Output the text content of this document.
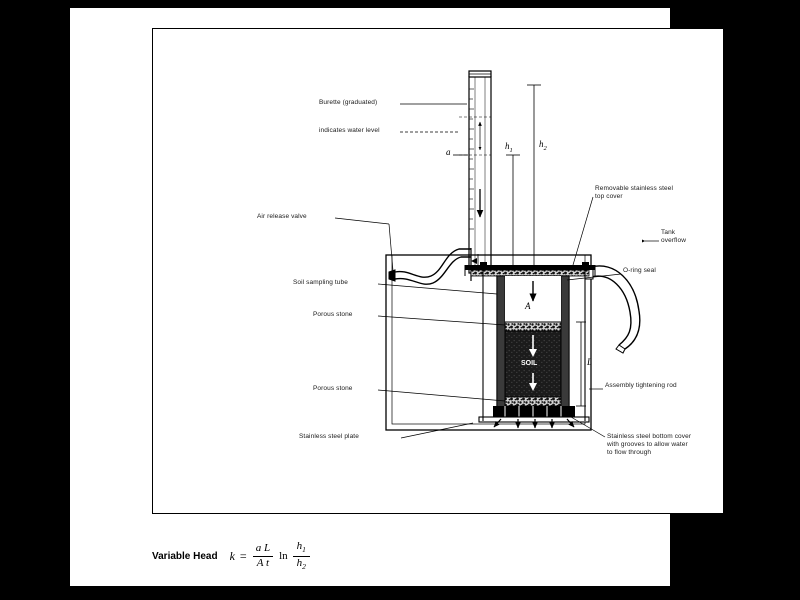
Burette (graduated)
indicates water level
Air release valve
Soil sampling tube
Porous stone
Porous stone
Stainless steel plate
Removable stainless steel top cover
O-ring seal
Tank overflow
Assembly tightening rod
Stainless steel bottom cover with grooves to allow water to flow through
SOIL
a
$h_1$
$h_2$
A
L
Variable Head $k = \frac{\text{a L}}{\text{A t}}$ $\ln \frac{h_1}{h_2}$
